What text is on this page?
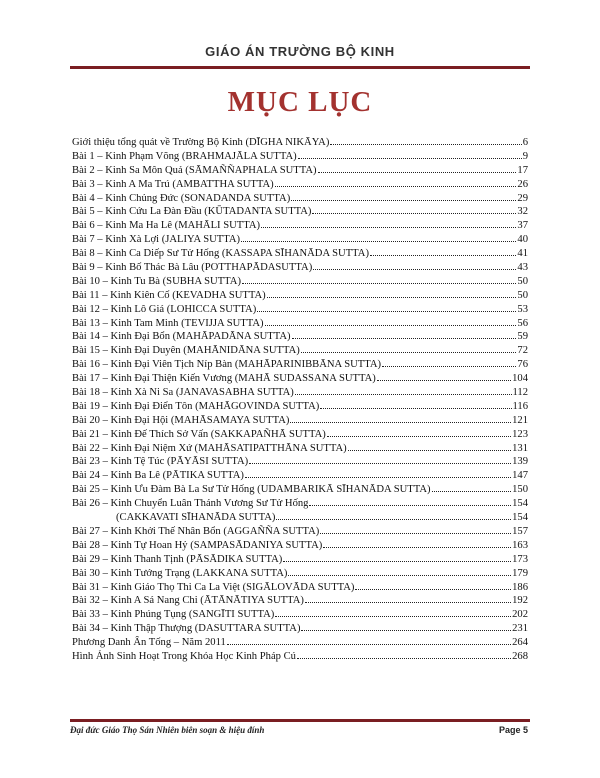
GIÁO ÁN TRƯỜNG BỘ KINH
MỤC LỤC
Giới thiệu tổng quát về Trường Bộ Kinh (DĪGHA NIKĀYA)	6
Bài 1 – Kinh Phạm Võng (BRAHMAJĀLA SUTTA)	9
Bài 2 – Kinh Sa Môn Quả (SĀMAÑÑAPHALA SUTTA)	17
Bài 3 – Kinh A Ma Trú (AMBATTHA SUTTA)	26
Bài 4 – Kinh Chủng Đức (SONADANDA SUTTA)	29
Bài 5 – Kinh Cứu La Đàn Đầu (KŪTADANTA SUTTA)	32
Bài 6 – Kinh Ma Ha Lê (MAHĀLI SUTTA)	37
Bài 7 – Kinh Xà Lợi (JALIYA SUTTA)	40
Bài 8 – Kinh Ca Diếp Sư Tử Hống (KASSAPA SĪHANĀDA SUTTA)	41
Bài 9 – Kinh Bố Thác Bà Lâu (POTTHAPĀDASUTTA)	43
Bài 10 – Kinh Tu Bà (SUBHA SUTTA)	50
Bài 11 – Kinh Kiên Cố (KEVADHA SUTTA)	50
Bài 12 – Kinh Lô Giá (LOHICCA SUTTA)	53
Bài 13 – Kinh Tam Minh (TEVIJJA SUTTA)	56
Bài 14 – Kinh Đại Bổn (MAHĀPADĀNA SUTTA)	59
Bài 15 – Kinh Đại Duyên (MAHĀNIDĀNA SUTTA)	72
Bài 16 – Kinh Đại Viên Tịch Níp Bàn (MAHĀPARINIBBĀNA SUTTA)	76
Bài 17 – Kinh Đại Thiện Kiến Vương (MAHĀ SUDASSANA SUTTA)	104
Bài 18 – Kinh Xà Ni Sa (JANAVASABHA SUTTA)	112
Bài 19 – Kinh Đại Điển Tôn (MAHĀGOVINDA SUTTA)	116
Bài 20 – Kinh Đại Hội (MAHĀSAMAYA SUTTA)	121
Bài 21 – Kinh Đế Thích Sở Vấn (SAKKAPAÑHĀ SUTTA)	123
Bài 22 – Kinh Đại Niệm Xứ (MAHĀSATIPATTHĀNA SUTTA)	131
Bài 23 – Kinh Tệ Túc (PĀYĀSI SUTTA)	139
Bài 24 – Kinh Ba Lê (PĀTIKA SUTTA)	147
Bài 25 – Kinh Ưu Đàm Bà La Sư Tử Hống (UDAMBARIKĀ SĪHANĀDA SUTTA)	150
Bài 26 – Kinh Chuyển Luân Thánh Vương Sư Tử Hống	154
(CAKKAVATI SĪHANĀDA SUTTA)	154
Bài 27 – Kinh Khởi Thế Nhân Bổn (AGGAÑÑA SUTTA)	157
Bài 28 – Kinh Tự Hoan Hỷ (SAMPASĀDANIYA SUTTA)	163
Bài 29 – Kinh Thanh Tịnh (PĀSĀDIKA SUTTA)	173
Bài 30 – Kinh Tướng Trạng (LAKKANA SUTTA)	179
Bài 31 – Kinh Giáo Thọ Thi Ca La Việt (SIGĀLOVĀDA SUTTA)	186
Bài 32 – Kinh A Sá Nang Chi (ĀTĀNĀTIYA SUTTA)	192
Bài 33 – Kinh Phúng Tụng (SANGĪTI SUTTA)	202
Bài 34 – Kinh Thập Thượng (DASUTTARA SUTTA)	231
Phương Danh Ấn Tống – Năm 2011	264
Hình Ảnh Sinh Hoạt Trong Khóa Học Kinh Pháp Cú	268
Đại đức Giáo Thọ Sán Nhiên biên soạn & hiệu đính	Page 5
